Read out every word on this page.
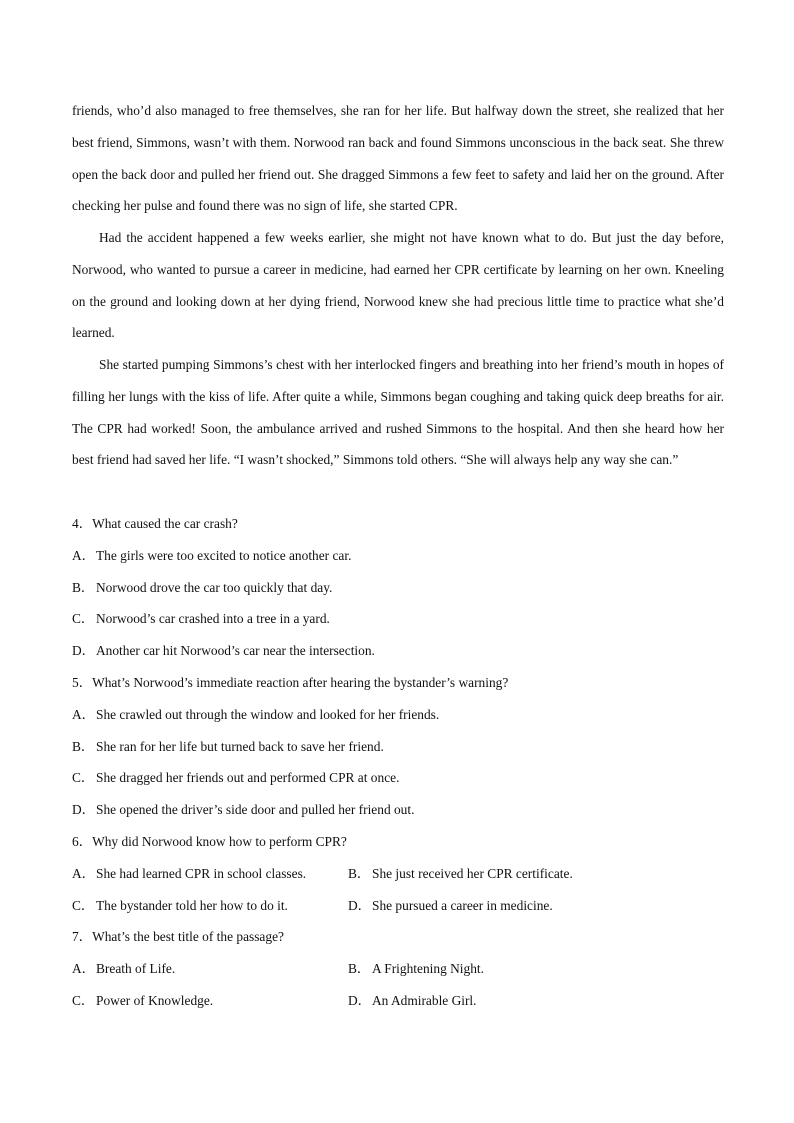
friends, who’d also managed to free themselves, she ran for her life. But halfway down the street, she realized that her best friend, Simmons, wasn’t with them. Norwood ran back and found Simmons unconscious in the back seat. She threw open the back door and pulled her friend out. She dragged Simmons a few feet to safety and laid her on the ground. After checking her pulse and found there was no sign of life, she started CPR.

Had the accident happened a few weeks earlier, she might not have known what to do. But just the day before, Norwood, who wanted to pursue a career in medicine, had earned her CPR certificate by learning on her own. Kneeling on the ground and looking down at her dying friend, Norwood knew she had precious little time to practice what she’d learned.

She started pumping Simmons’s chest with her interlocked fingers and breathing into her friend’s mouth in hopes of filling her lungs with the kiss of life. After quite a while, Simmons began coughing and taking quick deep breaths for air. The CPR had worked! Soon, the ambulance arrived and rushed Simmons to the hospital. And then she heard how her best friend had saved her life. “I wasn’t shocked,” Simmons told others. “She will always help any way she can.”

4．What caused the car crash?

A．The girls were too excited to notice another car.

B． Norwood drove the car too quickly that day.

C． Norwood’s car crashed into a tree in a yard.

D．Another car hit Norwood’s car near the intersection.

5．What’s Norwood’s immediate reaction after hearing the bystander’s warning?

A．She crawled out through the window and looked for her friends.

B． She ran for her life but turned back to save her friend.

C． She dragged her friends out and performed CPR at once.

D．She opened the driver’s side door and pulled her friend out.

6．Why did Norwood know how to perform CPR?

A．She had learned CPR in school classes.	B． She just received her CPR certificate.

C． The bystander told her how to do it.	D．She pursued a career in medicine.

7．What’s the best title of the passage?

A．Breath of Life.	B． A Frightening Night.

C． Power of Knowledge.	D．An Admirable Girl.
